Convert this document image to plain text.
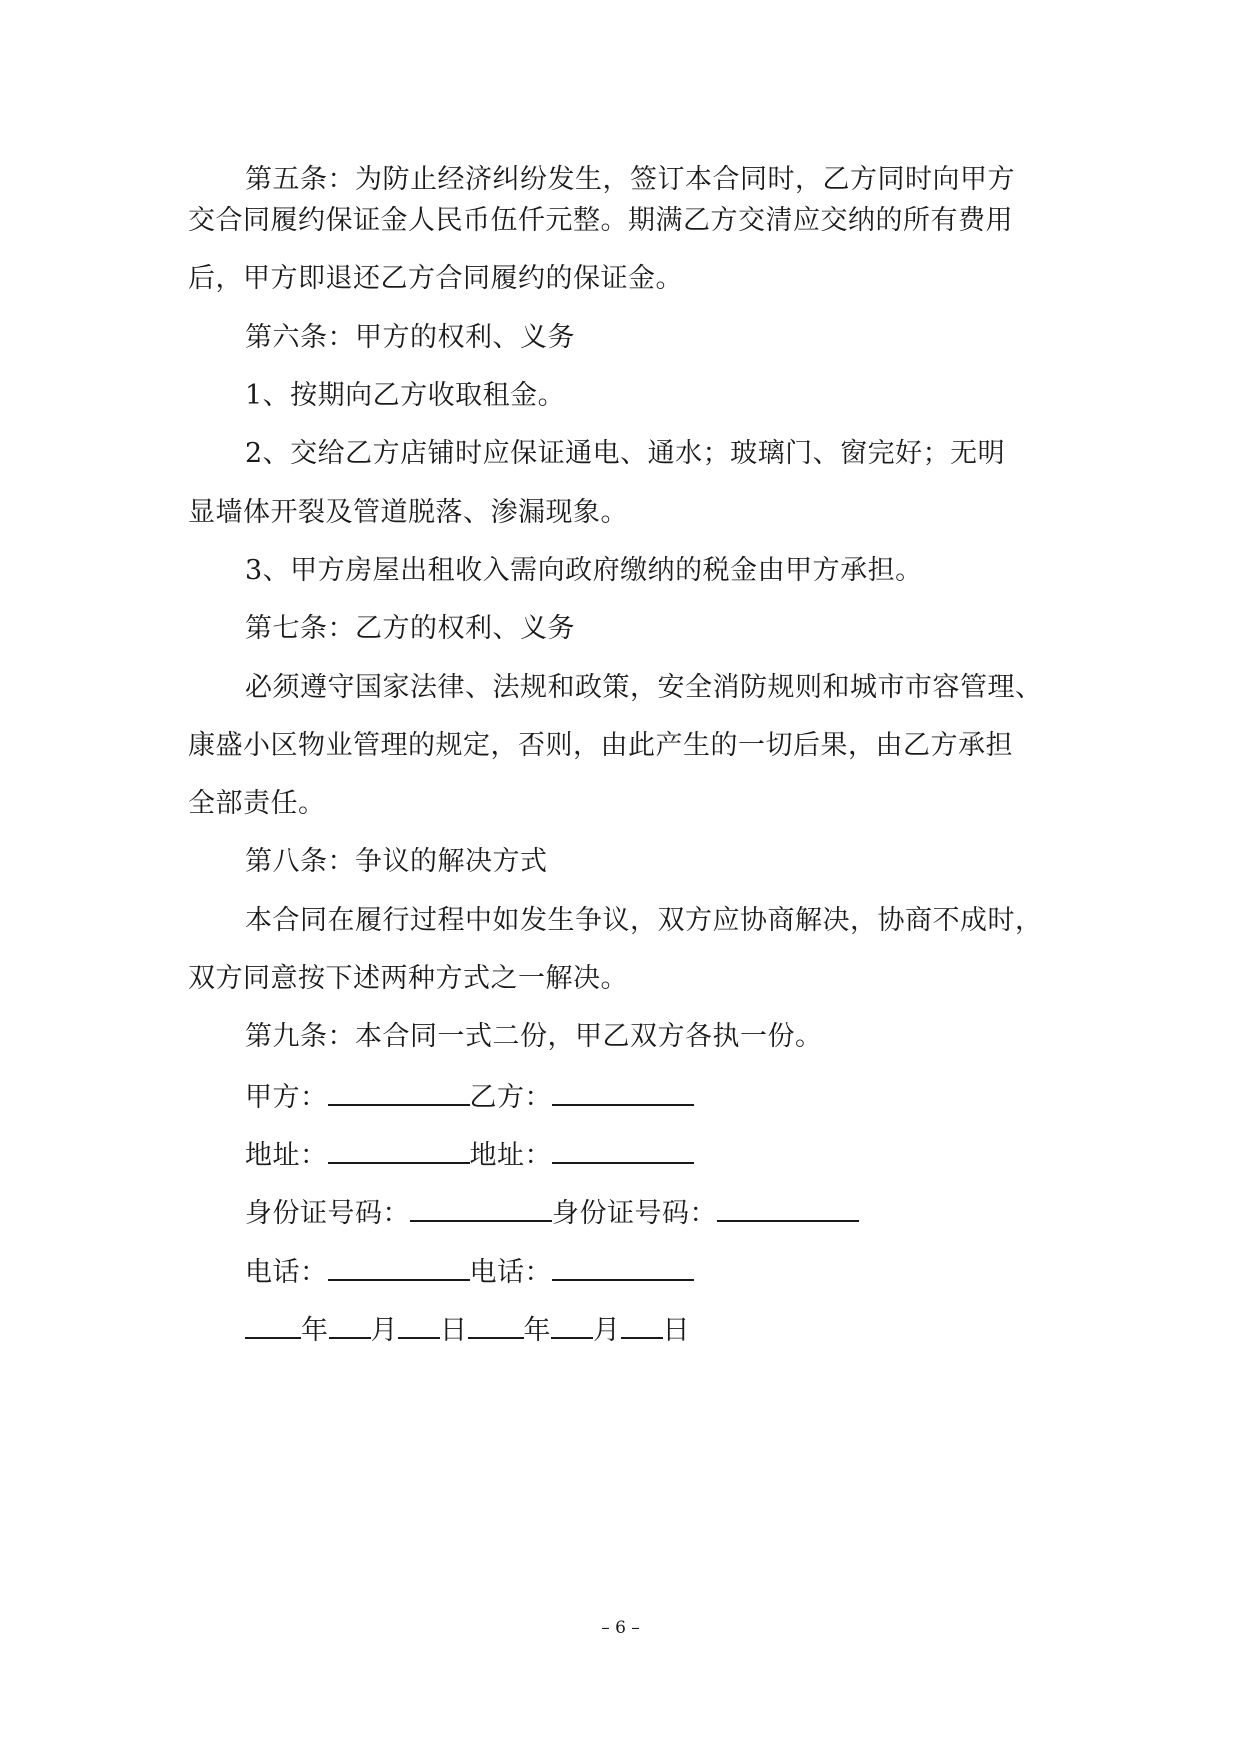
第五条：为防止经济纠纷发生，签订本合同时，乙方同时向甲方
交合同履约保证金人民币伍仟元整。期满乙方交清应交纳的所有费用
后，甲方即退还乙方合同履约的保证金。
第六条：甲方的权利、义务
1、按期向乙方收取租金。
2、交给乙方店铺时应保证通电、通水；玻璃门、窗完好；无明
显墙体开裂及管道脱落、渗漏现象。
3、甲方房屋出租收入需向政府缴纳的税金由甲方承担。
第七条：乙方的权利、义务
必须遵守国家法律、法规和政策，安全消防规则和城市市容管理、
康盛小区物业管理的规定，否则，由此产生的一切后果，由乙方承担
全部责任。
第八条：争议的解决方式
本合同在履行过程中如发生争议，双方应协商解决，协商不成时，
双方同意按下述两种方式之一解决。
第九条：本合同一式二份，甲乙双方各执一份。
甲方：	乙方：
地址：	地址：
身份证号码：	身份证号码：
电话：	电话：
年 月 日 年 月 日
– 6 –
